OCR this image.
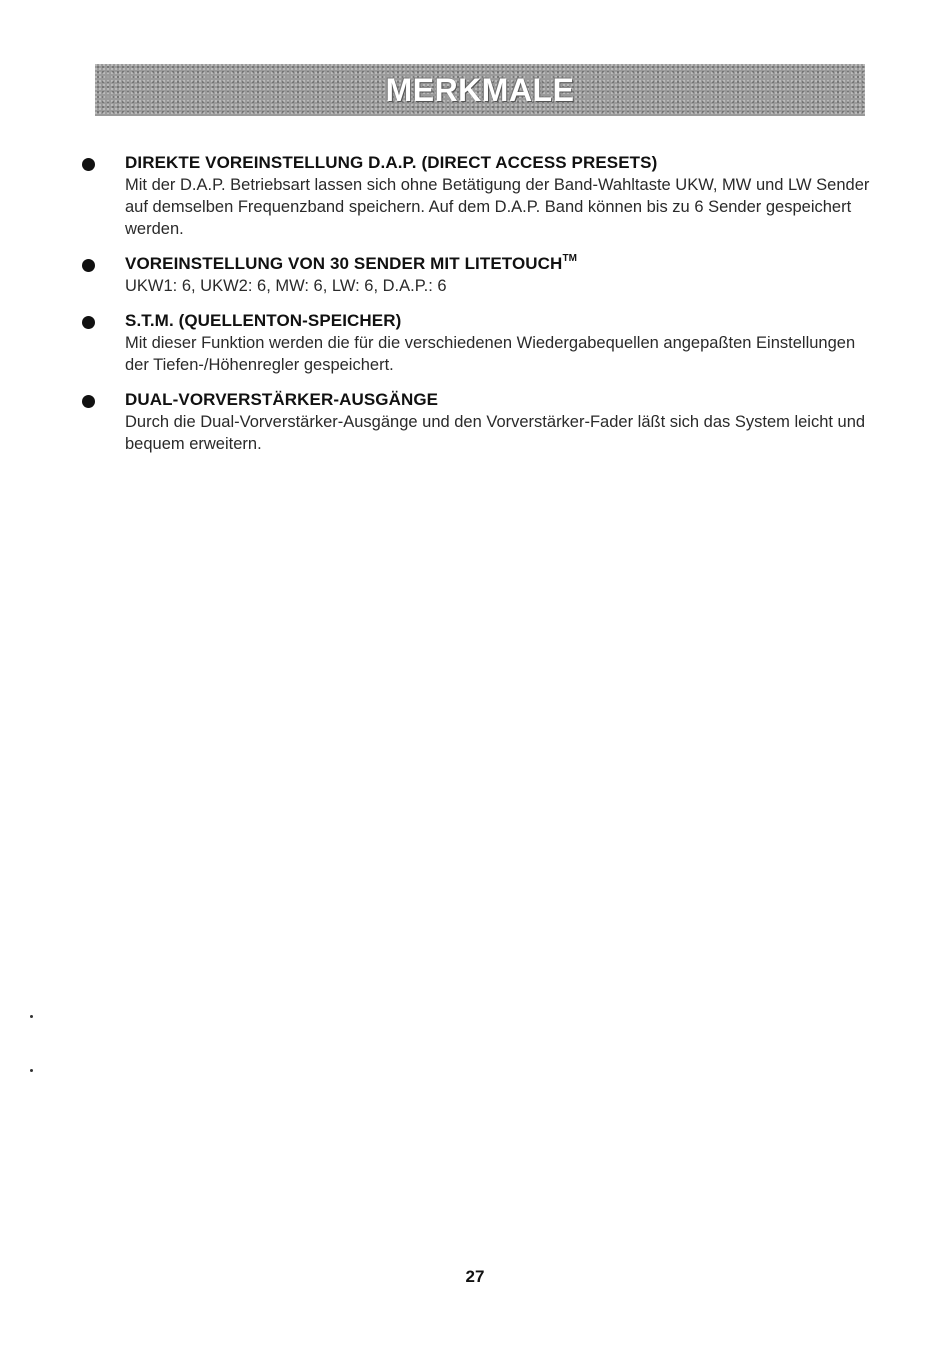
MERKMALE
DIREKTE VOREINSTELLUNG D.A.P. (DIRECT ACCESS PRESETS)
Mit der D.A.P. Betriebsart lassen sich ohne Betätigung der Band-Wahltaste UKW, MW und LW Sender auf demselben Frequenzband speichern. Auf dem D.A.P. Band können bis zu 6 Sender gespeichert werden.
VOREINSTELLUNG VON 30 SENDER MIT LITETOUCH™
UKW1: 6, UKW2: 6, MW: 6, LW: 6, D.A.P.: 6
S.T.M. (QUELLENTON-SPEICHER)
Mit dieser Funktion werden die für die verschiedenen Wiedergabequellen angepaßten Einstellungen der Tiefen-/Höhenregler gespeichert.
DUAL-VORVERSTÄRKER-AUSGÄNGE
Durch die Dual-Vorverstärker-Ausgänge und den Vorverstärker-Fader läßt sich das System leicht und bequem erweitern.
27
